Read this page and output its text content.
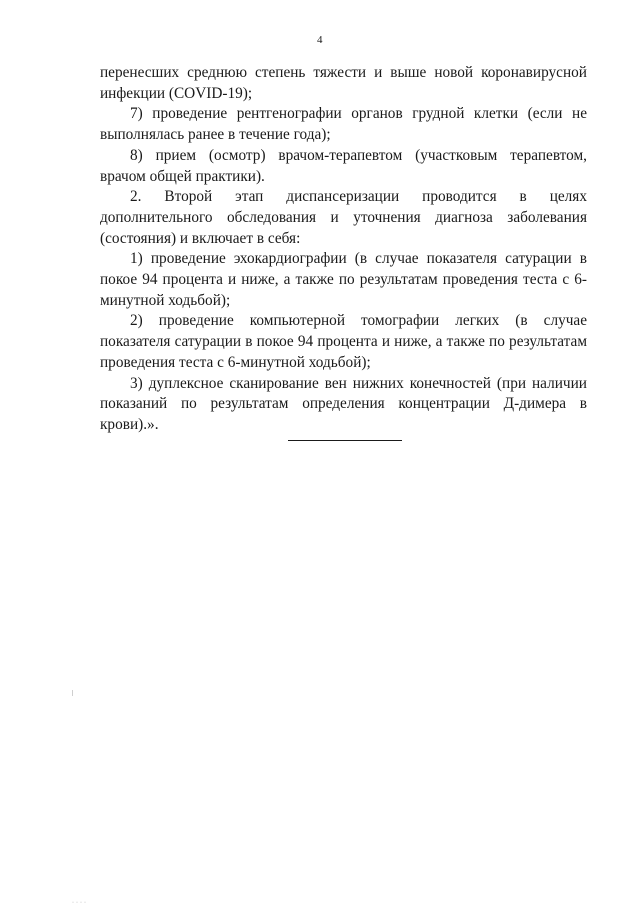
4

перенесших среднюю степень тяжести и выше новой коронавирусной инфекции (COVID-19);

7) проведение рентгенографии органов грудной клетки (если не выполнялась ранее в течение года);

8) прием (осмотр) врачом-терапевтом (участковым терапевтом, врачом общей практики).

2. Второй этап диспансеризации проводится в целях дополнительного обследования и уточнения диагноза заболевания (состояния) и включает в себя:

1) проведение эхокардиографии (в случае показателя сатурации в покое 94 процента и ниже, а также по результатам проведения теста с 6-минутной ходьбой);

2) проведение компьютерной томографии легких (в случае показателя сатурации в покое 94 процента и ниже, а также по результатам проведения теста с 6-минутной ходьбой);

3) дуплексное сканирование вен нижних конечностей (при наличии показаний по результатам определения концентрации Д-димера в крови).».

····
